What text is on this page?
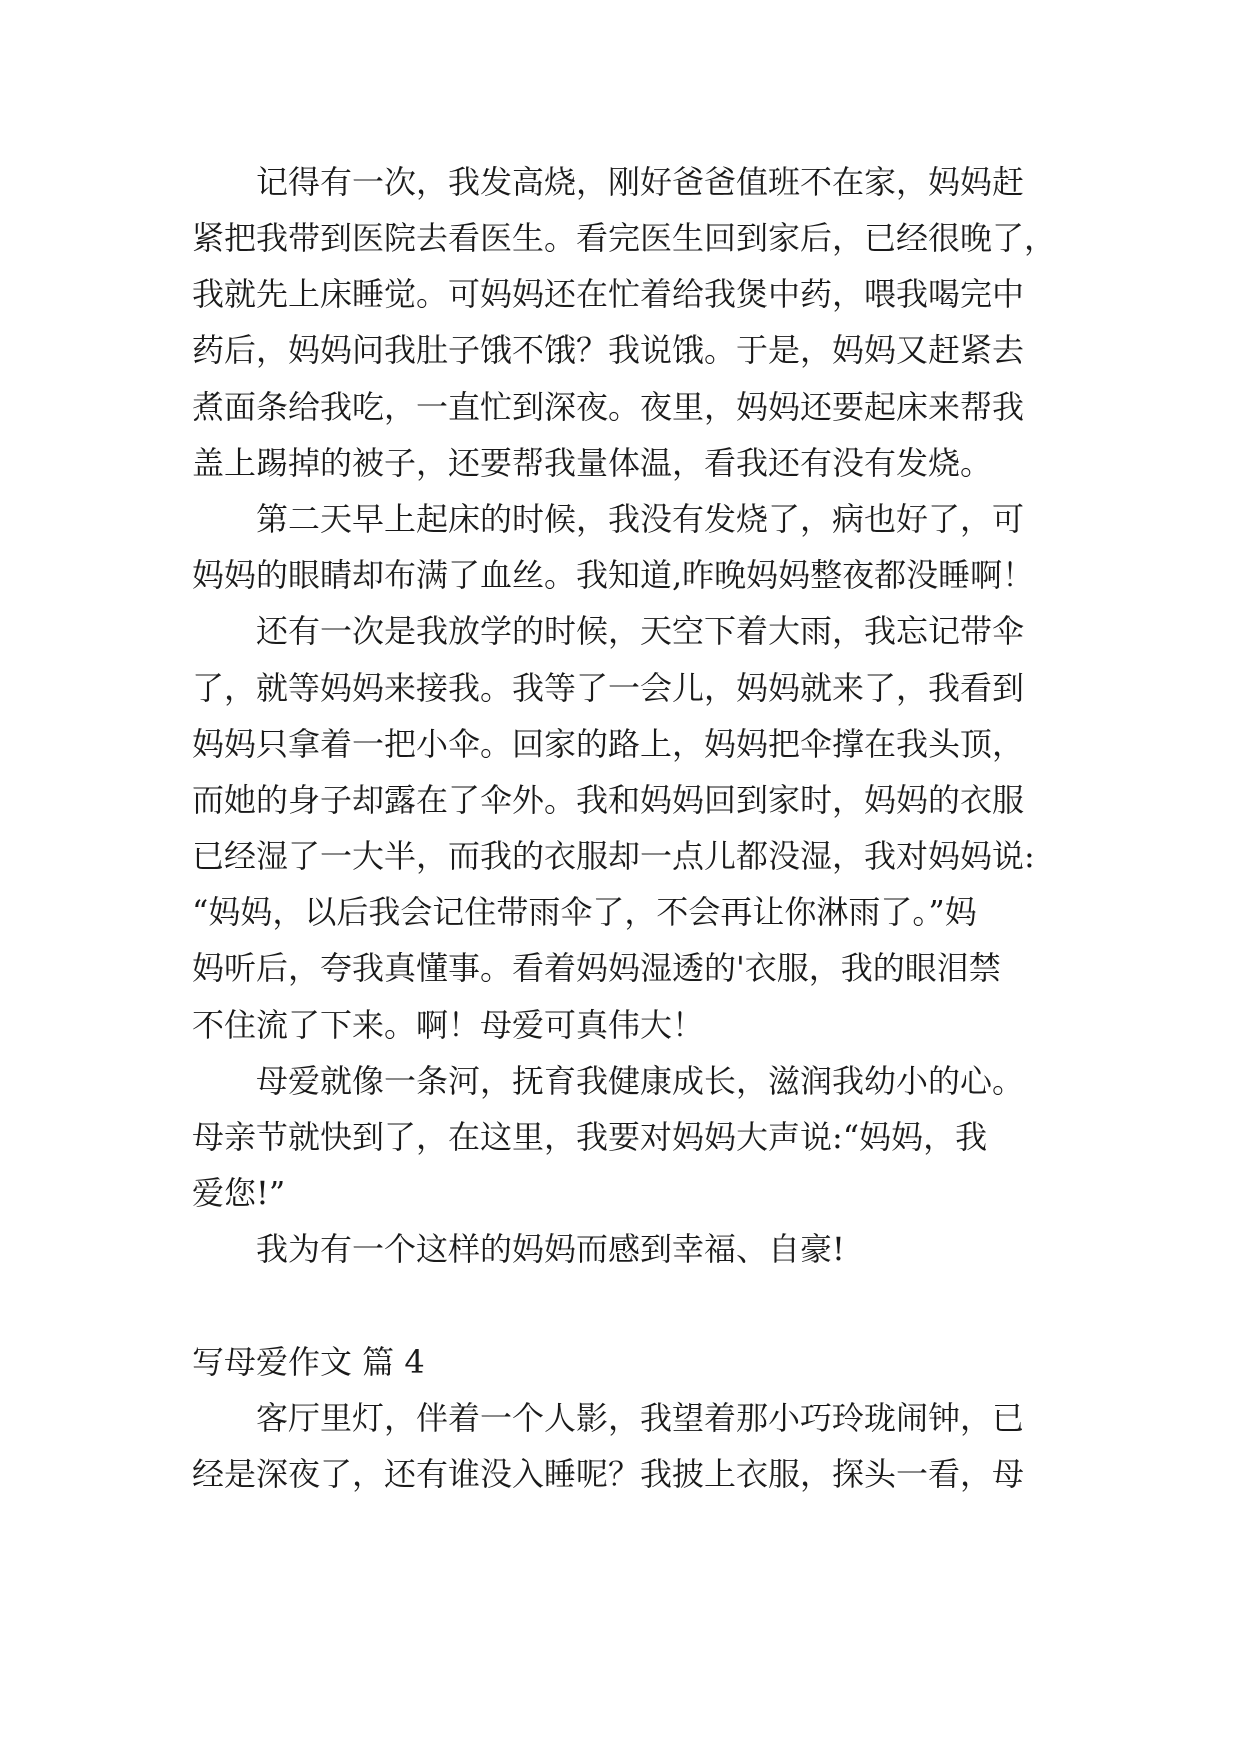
记得有一次，我发高烧，刚好爸爸值班不在家，妈妈赶

紧把我带到医院去看医生。看完医生回到家后，已经很晚了，

我就先上床睡觉。可妈妈还在忙着给我煲中药，喂我喝完中

药后，妈妈问我肚子饿不饿？我说饿。于是，妈妈又赶紧去

煮面条给我吃，一直忙到深夜。夜里，妈妈还要起床来帮我

盖上踢掉的被子，还要帮我量体温，看我还有没有发烧。

第二天早上起床的时候，我没有发烧了，病也好了，可

妈妈的眼睛却布满了血丝。我知道,昨晚妈妈整夜都没睡啊！

还有一次是我放学的时候，天空下着大雨，我忘记带伞

了，就等妈妈来接我。我等了一会儿，妈妈就来了，我看到

妈妈只拿着一把小伞。回家的路上，妈妈把伞撑在我头顶，

而她的身子却露在了伞外。我和妈妈回到家时，妈妈的衣服

已经湿了一大半，而我的衣服却一点儿都没湿，我对妈妈说:

“妈妈，以后我会记住带雨伞了，不会再让你淋雨了。”妈

妈听后，夸我真懂事。看着妈妈湿透的'衣服，我的眼泪禁

不住流了下来。啊！母爱可真伟大！

母爱就像一条河，抚育我健康成长，滋润我幼小的心。

母亲节就快到了，在这里，我要对妈妈大声说:“妈妈，我

爱您!”

我为有一个这样的妈妈而感到幸福、自豪!

写母爱作文 篇 4

客厅里灯，伴着一个人影，我望着那小巧玲珑闹钟，已

经是深夜了，还有谁没入睡呢？我披上衣服，探头一看，母
